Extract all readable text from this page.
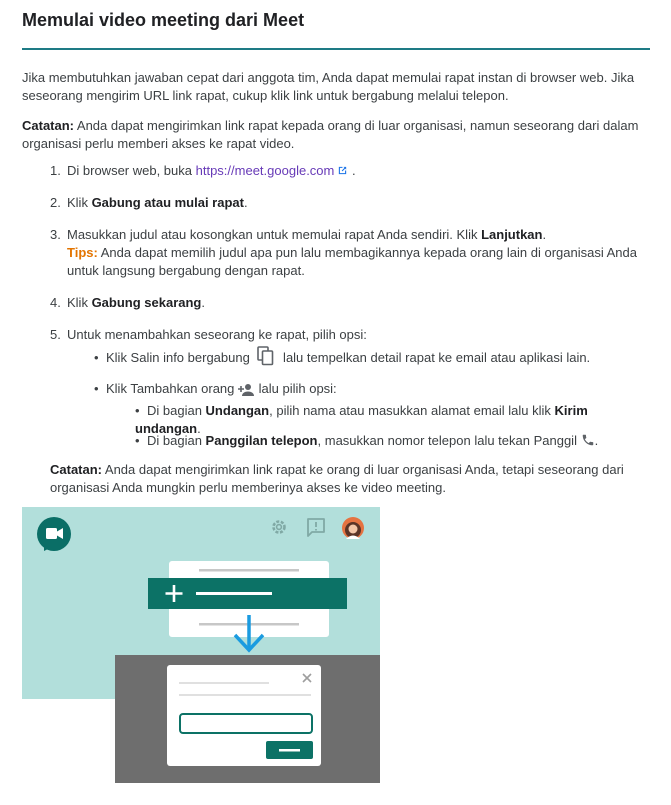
Memulai video meeting dari Meet
Jika membutuhkan jawaban cepat dari anggota tim, Anda dapat memulai rapat instan di browser web. Jika seseorang mengirim URL link rapat, cukup klik link untuk bergabung melalui telepon.
Catatan: Anda dapat mengirimkan link rapat kepada orang di luar organisasi, namun seseorang dari dalam organisasi perlu memberi akses ke rapat video.
1. Di browser web, buka https://meet.google.com .
2. Klik Gabung atau mulai rapat.
3. Masukkan judul atau kosongkan untuk memulai rapat Anda sendiri. Klik Lanjutkan.
Tips: Anda dapat memilih judul apa pun lalu membagikannya kepada orang lain di organisasi Anda untuk langsung bergabung dengan rapat.
4. Klik Gabung sekarang.
5. Untuk menambahkan seseorang ke rapat, pilih opsi:
• Klik Salin info bergabung  lalu tempelkan detail rapat ke email atau aplikasi lain.
• Klik Tambahkan orang  lalu pilih opsi:
• Di bagian Undangan, pilih nama atau masukkan alamat email lalu klik Kirim undangan.
• Di bagian Panggilan telepon, masukkan nomor telepon lalu tekan Panggil .
Catatan: Anda dapat mengirimkan link rapat ke orang di luar organisasi Anda, tetapi seseorang dari organisasi Anda mungkin perlu memberinya akses ke video meeting.
